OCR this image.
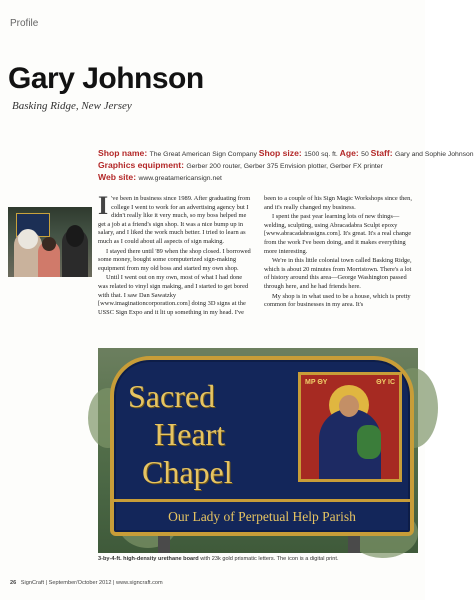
Profile
Gary Johnson
Basking Ridge, New Jersey
Shop name: The Great American Sign Company Shop size: 1500 sq. ft. Age: 50 Staff: Gary and Sophie Johnson
Graphics equipment: Gerber 200 router, Gerber 375 Envision plotter, Gerber FX printer
Web site: www.greatamericansign.net

I 've been in business since 1989. After graduating from college I went to work for an advertising agency but I didn't really like it very much, so my boss helped me get a job at a friend's sign shop. It was a nice bump up in salary, and I liked the work much better. I tried to learn as much as I could about all aspects of sign making.

I stayed there until '89 when the shop closed. I borrowed some money, bought some computerized sign-making equipment from my old boss and started my own shop.

Until I went out on my own, most of what I had done was related to vinyl sign making, and I started to get bored with that. I saw Dan Sawatzky [www.imaginationcorporation.com] doing 3D signs at the USSC Sign Expo and it lit up something in my head. I've been to a couple of his Sign Magic Workshops since then, and it's really changed my business.

I spent the past year learning lots of new things—welding, sculpting, using Abracadabra Sculpt epoxy [www.abracadabrasigns.com]. It's great. It's a real change from the work I've been doing, and it makes everything more interesting.

We're in this little colonial town called Basking Ridge, which is about 20 minutes from Morristown. There's a lot of history around this area—George Washington passed through here, and he had friends here.

My shop is in what used to be a house, which is pretty common for businesses in my area. It's

Sacred
Heart
Chapel
MP ΘY	ΘY IC
Our Lady of Perpetual Help Parish
3-by-4-ft. high-density urethane board with 23k gold prismatic letters. The icon is a digital print.
26 SignCraft | September/October 2012 | www.signcraft.com
